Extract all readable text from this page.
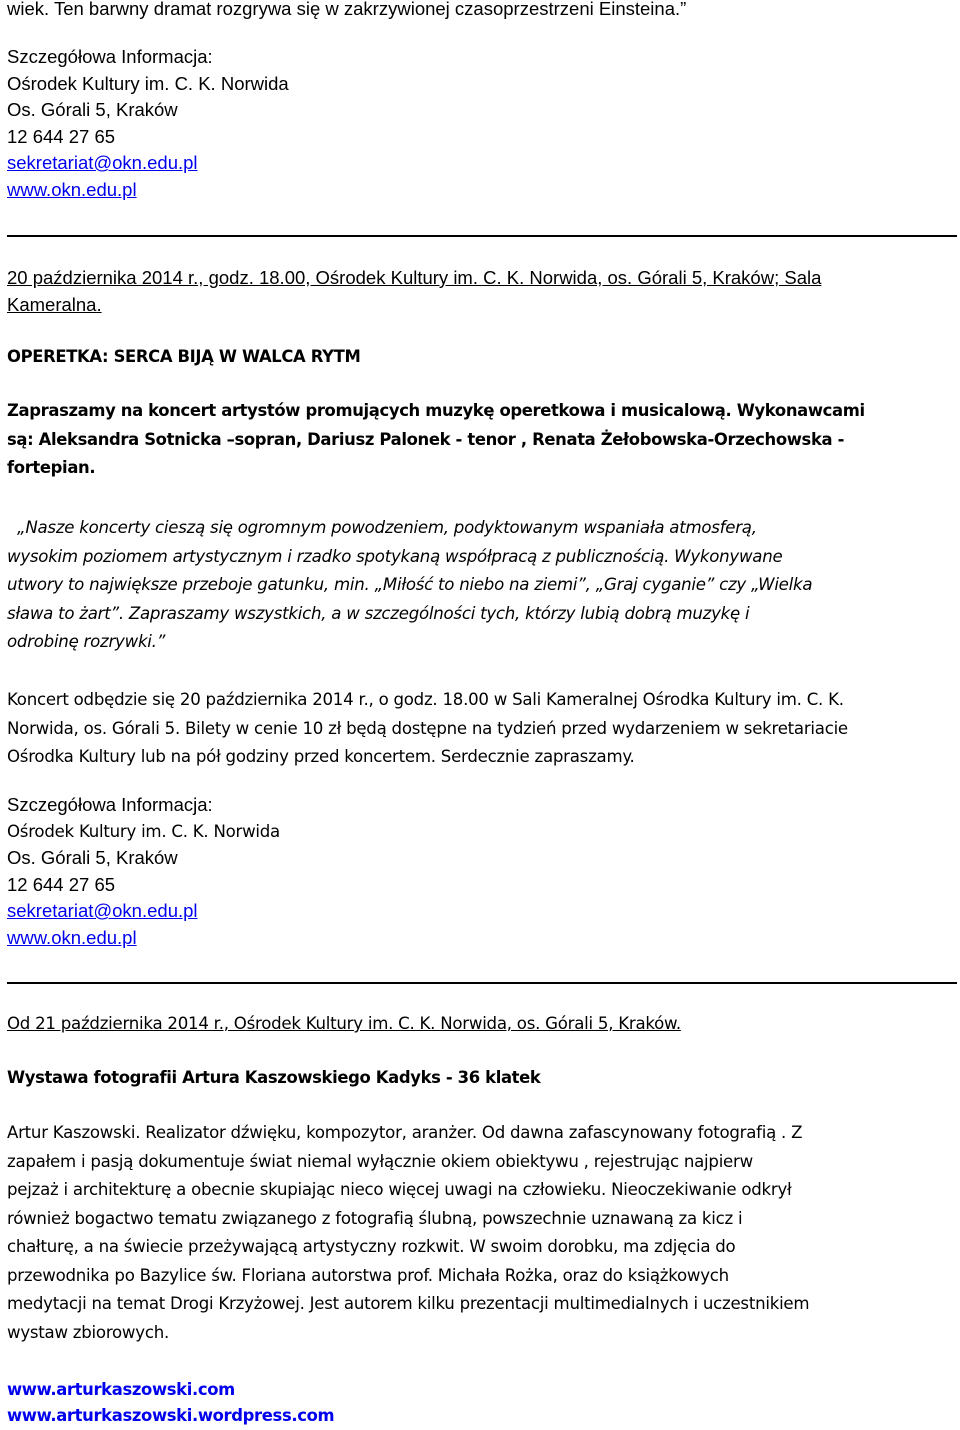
wiek. Ten barwny dramat rozgrywa się w zakrzywionej czasoprzestrzeni Einsteina.”
Szczegółowa Informacja:
Ośrodek Kultury im. C. K. Norwida
Os. Górali 5, Kraków
12 644 27 65
sekretariat@okn.edu.pl
www.okn.edu.pl
20 października 2014 r., godz. 18.00, Ośrodek Kultury im. C. K. Norwida, os. Górali 5, Kraków; Sala
Kameralna.
OPERETKA: SERCA BIJĄ W WALCA RYTM
Zapraszamy na koncert artystów promujących muzykę operetkowa i musicalową. Wykonawcami
są: Aleksandra Sotnicka –sopran, Dariusz Palonek - tenor , Renata Żełobowska-Orzechowska -
fortepian.
„Nasze koncerty cieszą się ogromnym powodzeniem, podyktowanym wspaniała atmosferą,
wysokim poziomem artystycznym i rzadko spotykaną współpracą z publicznością. Wykonywane
utwory to największe przeboje gatunku, min. „Miłość to niebo na ziemi”, „Graj cyganie” czy „Wielka
sława to żart”. Zapraszamy wszystkich, a w szczególności tych, którzy lubią dobrą muzykę i
odrobinę rozrywki.”
Koncert odbędzie się 20 października 2014 r., o godz. 18.00 w Sali Kameralnej Ośrodka Kultury im. C. K.
Norwida, os. Górali 5. Bilety w cenie 10 zł będą dostępne na tydzień przed wydarzeniem w sekretariacie
Ośrodka Kultury lub na pół godziny przed koncertem. Serdecznie zapraszamy.
Szczegółowa Informacja:
Ośrodek Kultury im. C. K. Norwida
Os. Górali 5, Kraków
12 644 27 65
sekretariat@okn.edu.pl
www.okn.edu.pl
Od 21 października 2014 r., Ośrodek Kultury im. C. K. Norwida, os. Górali 5, Kraków.
Wystawa fotografii Artura Kaszowskiego Kadyks - 36 klatek
Artur Kaszowski. Realizator dźwięku, kompozytor, aranżer. Od dawna zafascynowany fotografią . Z
zapałem i pasją dokumentuje świat niemal wyłącznie okiem obiektywu , rejestrując najpierw
pejzaż i architekturę a obecnie skupiając nieco więcej uwagi na człowieku. Nieoczekiwanie odkrył
również bogactwo tematu związanego z fotografią ślubną, powszechnie uznawaną za kicz i
chałturę, a na świecie przeżywającą artystyczny rozkwit. W swoim dorobku, ma zdjęcia do
przewodnika po Bazylice św. Floriana autorstwa prof. Michała Rożka, oraz do książkowych
medytacji na temat Drogi Krzyżowej. Jest autorem kilku prezentacji multimedialnych i uczestnikiem
wystaw zbiorowych.
www.arturkaszowski.com
www.arturkaszowski.wordpress.com
